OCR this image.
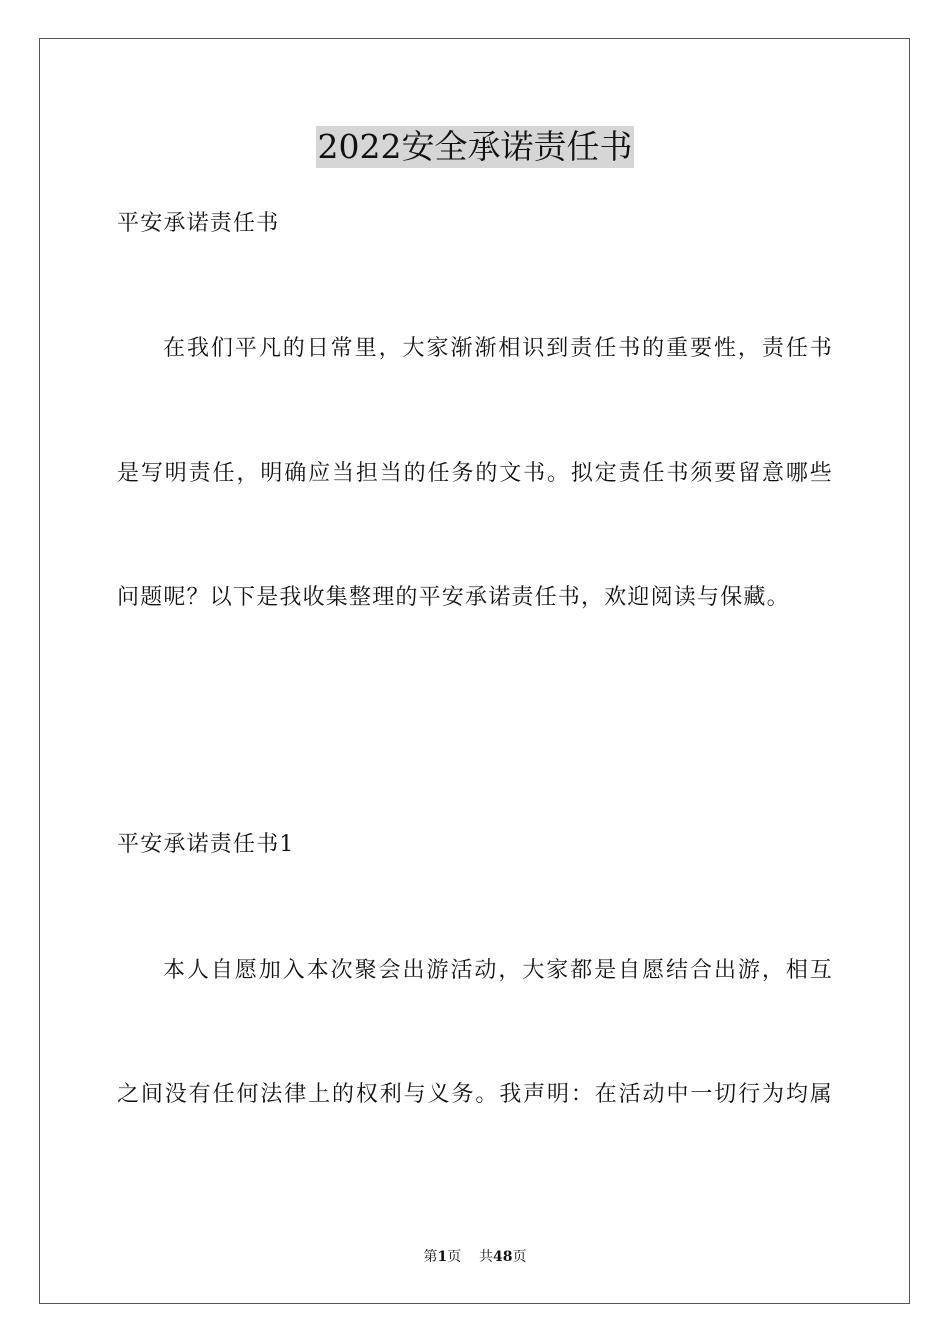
2022安全承诺责任书
平安承诺责任书
在我们平凡的日常里，大家渐渐相识到责任书的重要性，责任书
是写明责任，明确应当担当的任务的文书。拟定责任书须要留意哪些
问题呢？以下是我收集整理的平安承诺责任书，欢迎阅读与保藏。
平安承诺责任书1
本人自愿加入本次聚会出游活动，大家都是自愿结合出游，相互
之间没有任何法律上的权利与义务。我声明：在活动中一切行为均属
第1页 共48页
